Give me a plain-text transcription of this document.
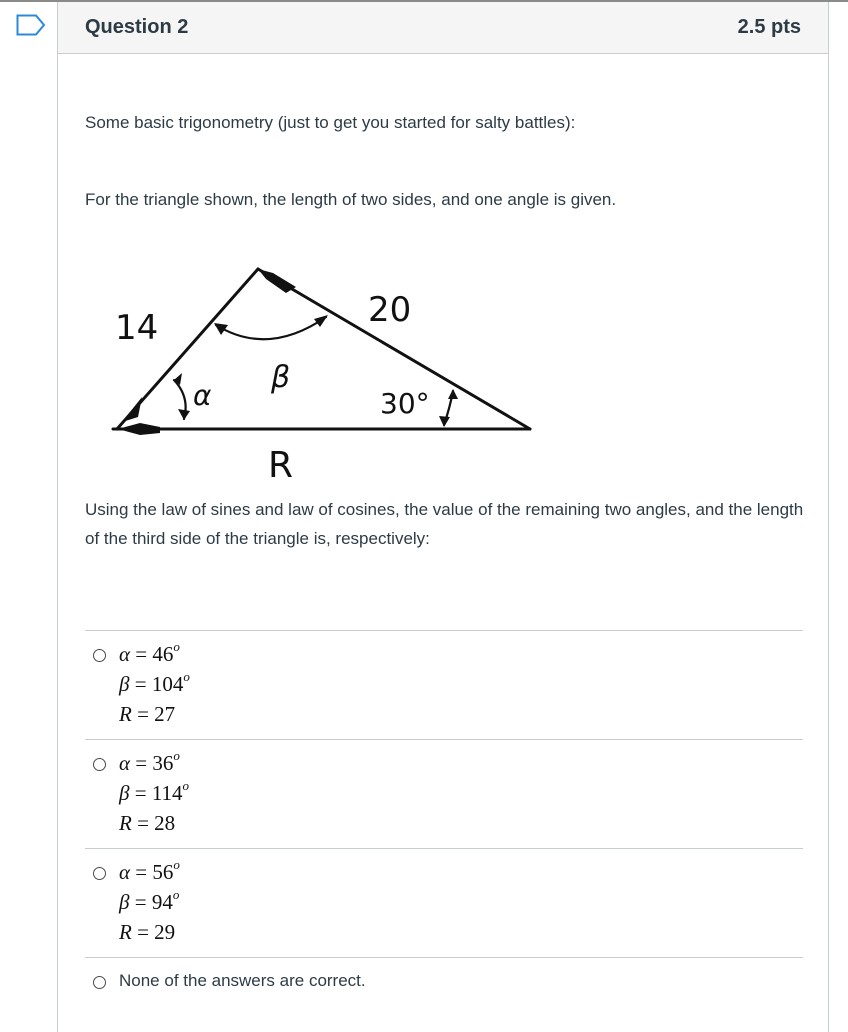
Question 2	2.5 pts

Some basic trigonometry (just to get you started for salty battles):

For the triangle shown, the length of two sides, and one angle is given.

14	20
β
α	30°
R

Using the law of sines and law of cosines, the value of the remaining two angles, and the length of the third side of the triangle is, respectively:

$\alpha = 46^o$
$\beta = 104^o$
R = 27
$\alpha = 36^o$
$\beta = 114^o$
R = 28
$\alpha = 56^o$
$\beta = 94^o$
R = 29
None of the answers are correct.
